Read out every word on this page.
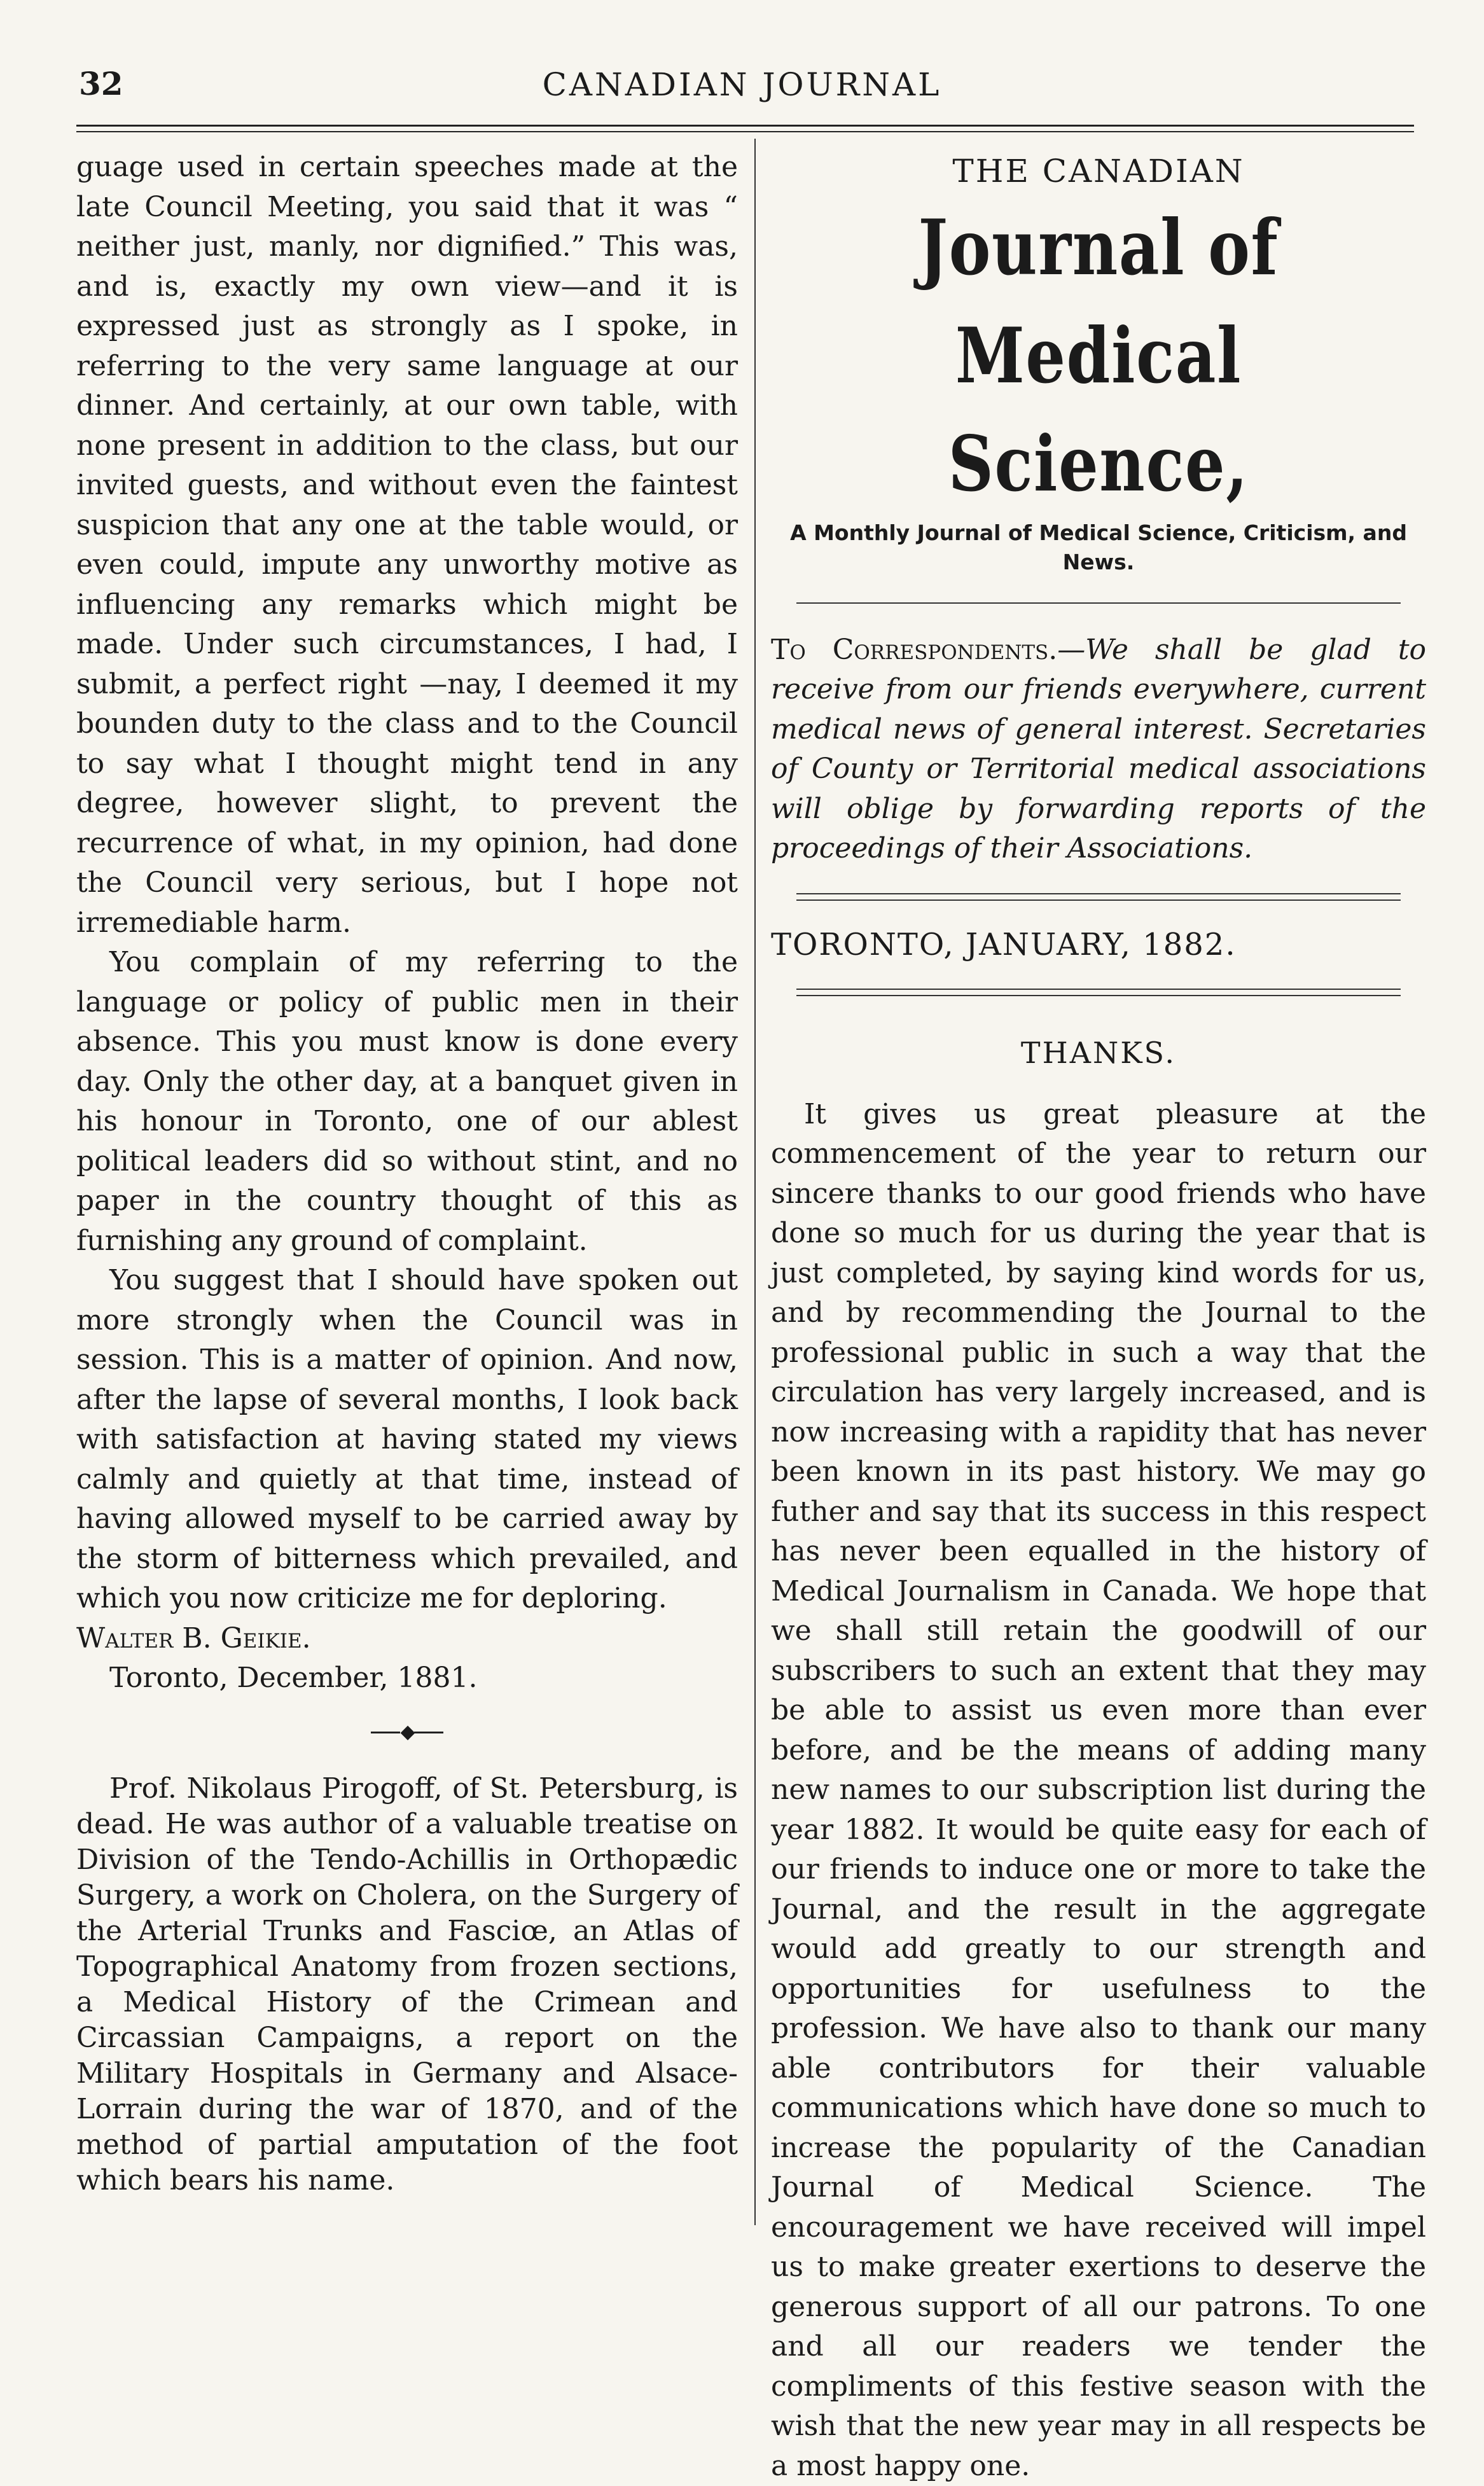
32	CANADIAN JOURNAL

guage used in certain speeches made at the late Council Meeting, you said that it was “ neither just, manly, nor dignified.” This was, and is, exactly my own view—and it is expressed just as strongly as I spoke, in referring to the very same language at our dinner. And certainly, at our own table, with none present in addition to the class, but our invited guests, and without even the faintest suspicion that any one at the table would, or even could, impute any unworthy motive as influencing any remarks which might be made. Under such circumstances, I had, I submit, a perfect right —nay, I deemed it my bounden duty to the class and to the Council to say what I thought might tend in any degree, however slight, to prevent the recurrence of what, in my opinion, had done the Council very serious, but I hope not irremediable harm.

You complain of my referring to the language or policy of public men in their absence. This you must know is done every day. Only the other day, at a banquet given in his honour in Toronto, one of our ablest political leaders did so without stint, and no paper in the country thought of this as furnishing any ground of complaint.

You suggest that I should have spoken out more strongly when the Council was in session. This is a matter of opinion. And now, after the lapse of several months, I look back with satisfaction at having stated my views calmly and quietly at that time, instead of having allowed myself to be carried away by the storm of bitterness which prevailed, and which you now criticize me for deploring.

Walter B. Geikie.

Toronto, December, 1881.

◆

Prof. Nikolaus Pirogoff, of St. Petersburg, is dead. He was author of a valuable treatise on Division of the Tendo-Achillis in Orthopædic Surgery, a work on Cholera, on the Surgery of the Arterial Trunks and Fasciœ, an Atlas of Topographical Anatomy from frozen sections, a Medical History of the Crimean and Circassian Campaigns, a report on the Military Hospitals in Germany and Alsace-Lorrain during the war of 1870, and of the method of partial amputation of the foot which bears his name.

THE CANADIAN
Journal of Medical Science,
A Monthly Journal of Medical Science, Criticism, and News.

To Correspondents.—We shall be glad to receive from our friends everywhere, current medical news of general interest. Secretaries of County or Territorial medical associations will oblige by forwarding reports of the proceedings of their Associations.

TORONTO, JANUARY, 1882.

THANKS.

It gives us great pleasure at the commencement of the year to return our sincere thanks to our good friends who have done so much for us during the year that is just completed, by saying kind words for us, and by recommending the Journal to the professional public in such a way that the circulation has very largely increased, and is now increasing with a rapidity that has never been known in its past history. We may go futher and say that its success in this respect has never been equalled in the history of Medical Journalism in Canada. We hope that we shall still retain the goodwill of our subscribers to such an extent that they may be able to assist us even more than ever before, and be the means of adding many new names to our subscription list during the year 1882. It would be quite easy for each of our friends to induce one or more to take the Journal, and the result in the aggregate would add greatly to our strength and opportunities for usefulness to the profession. We have also to thank our many able contributors for their valuable communications which have done so much to increase the popularity of the Canadian Journal of Medical Science. The encouragement we have received will impel us to make greater exertions to deserve the generous support of all our patrons. To one and all our readers we tender the compliments of this festive season with the wish that the new year may in all respects be a most happy one.
